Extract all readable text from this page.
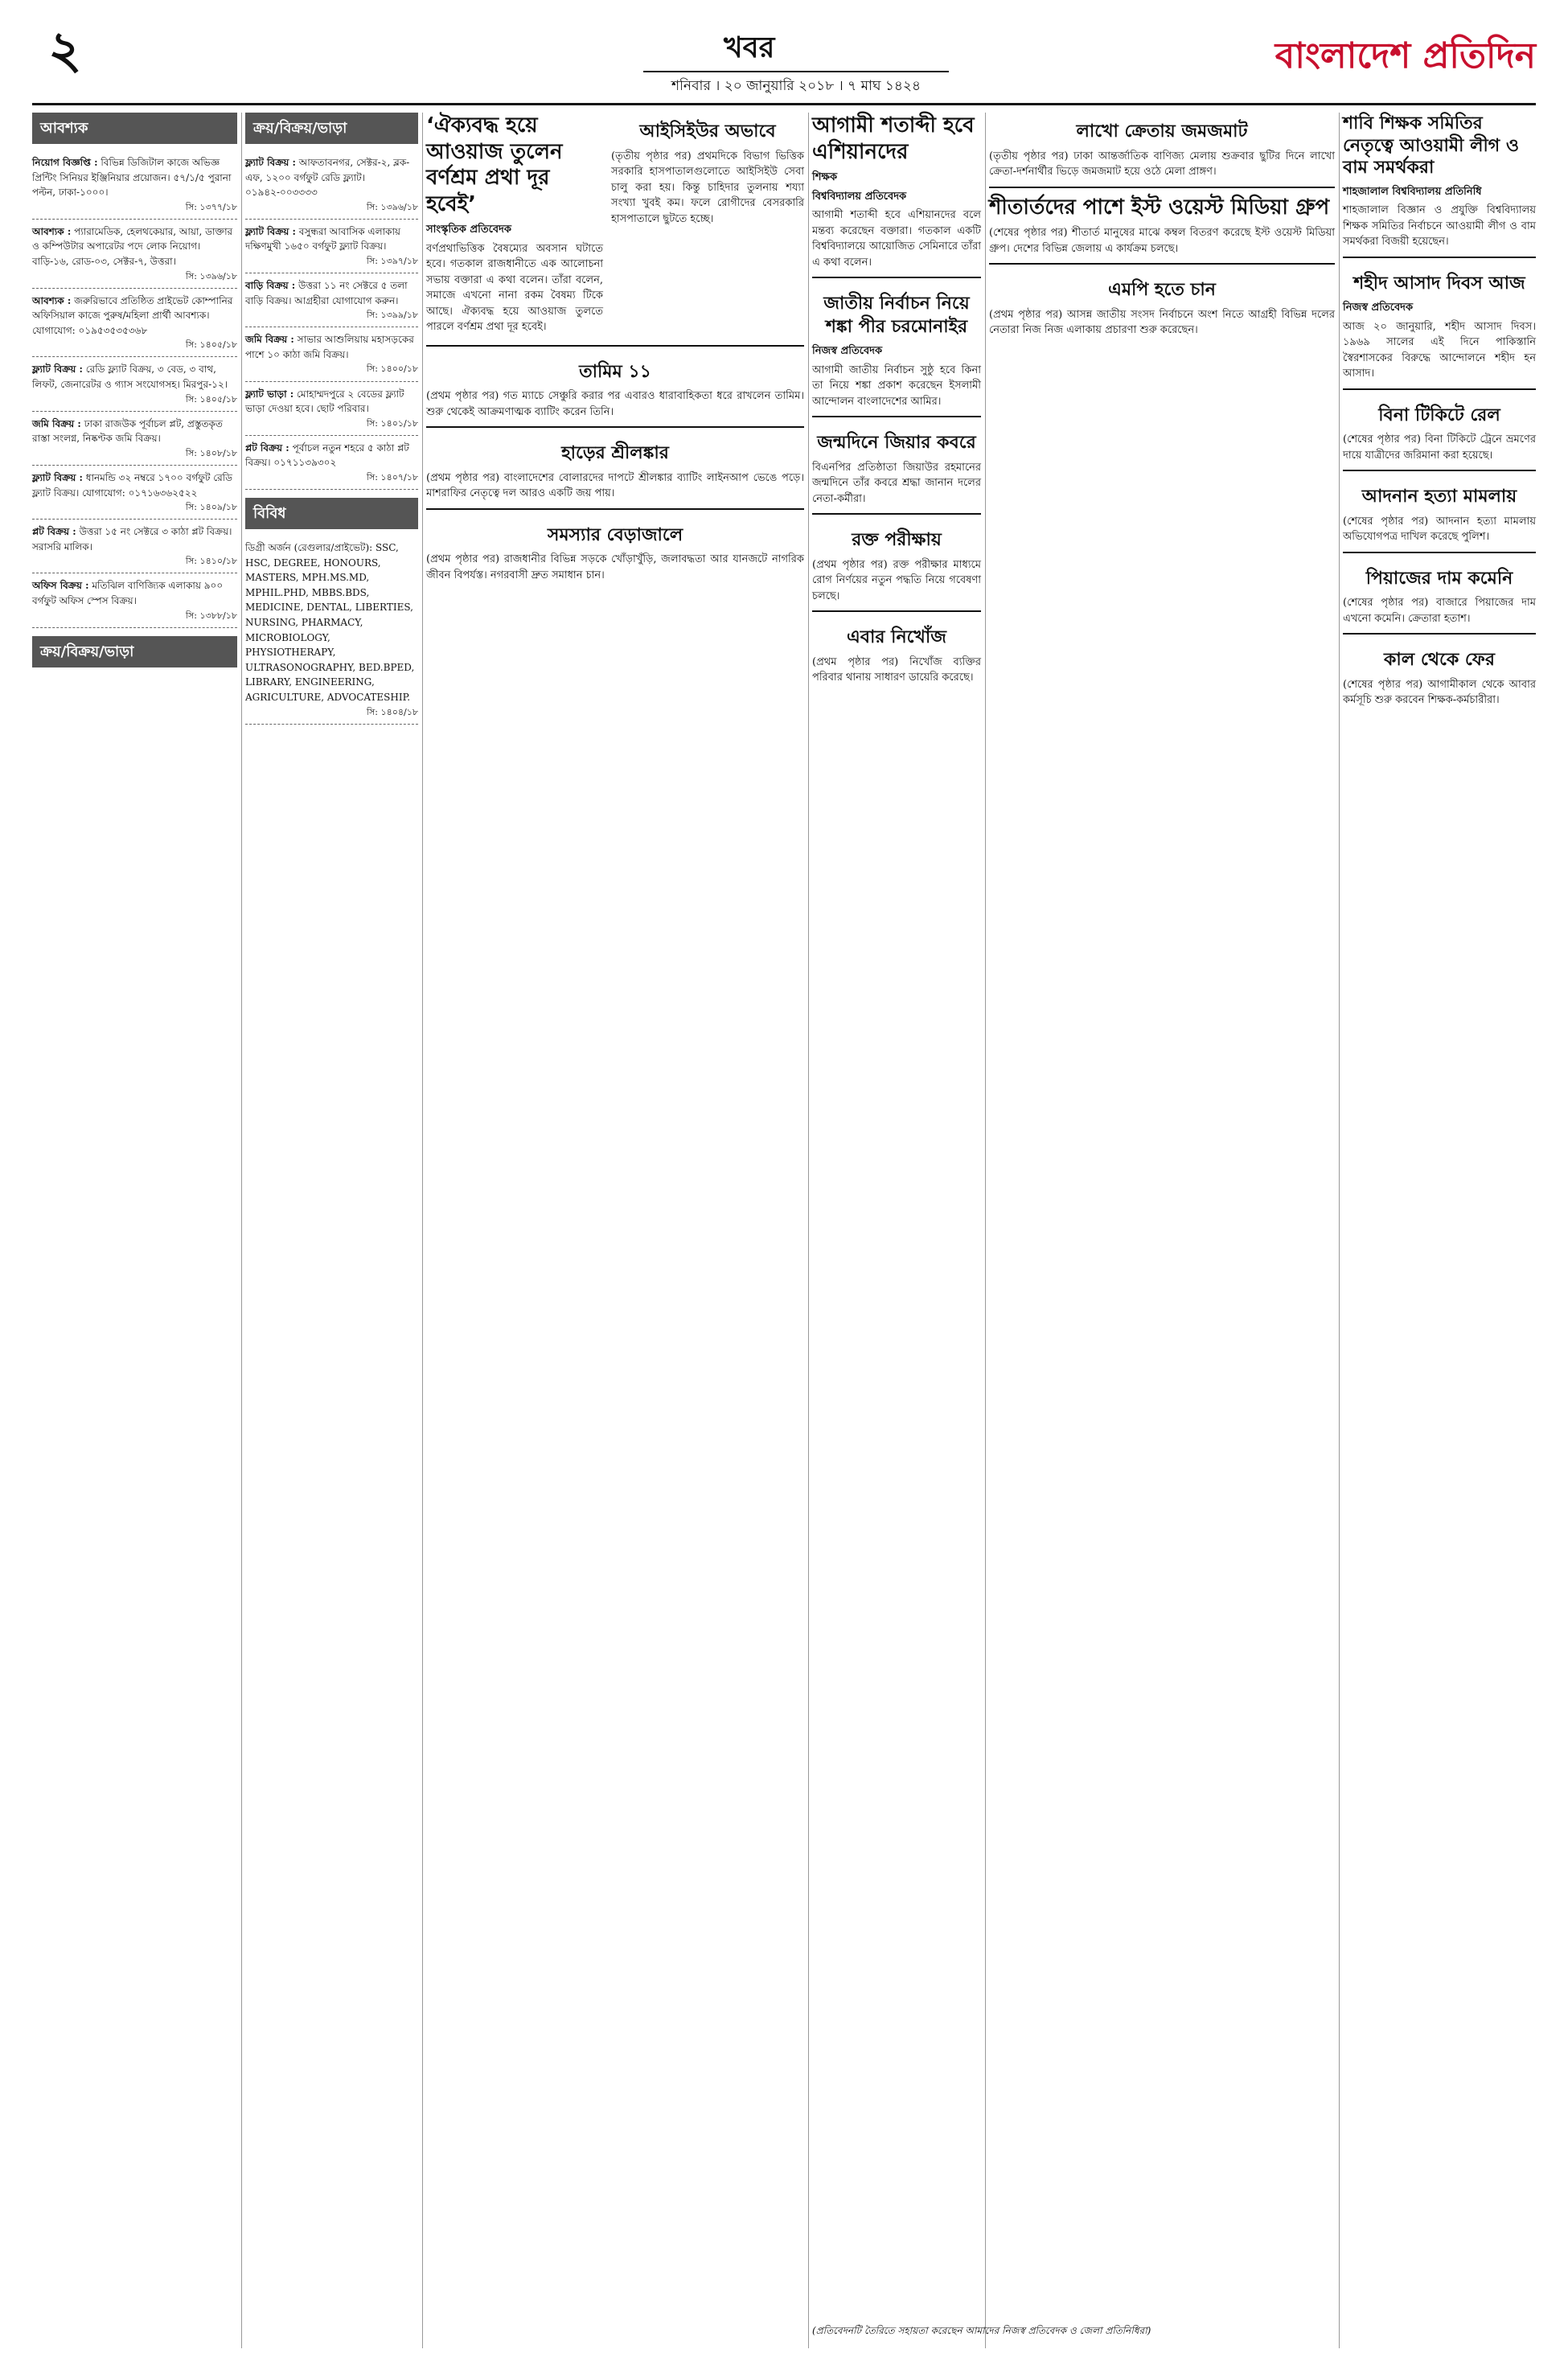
২	খবর
শনিবার । ২০ জানুয়ারি ২০১৮ । ৭ মাঘ ১৪২৪
বাংলাদেশ প্রতিদিন
আবশ্যক
নিয়োগ বিজ্ঞপ্তি : বিভিন্ন ডিজিটাল কাজে অভিজ্ঞ প্রিন্টিং সিনিয়র ইঞ্জিনিয়ার প্রয়োজন। ৫৭/১/৫ পুরানা পল্টন, ঢাকা-১০০০।
সি: ১৩৭৭/১৮
আবশ্যক : প্যারামেডিক, হেলথকেয়ার, আয়া, ডাক্তার ও কম্পিউটার অপারেটর পদে লোক নিয়োগ। বাড়ি-১৬, রোড-০৩, সেক্টর-৭, উত্তরা।
সি: ১৩৯৬/১৮
আবশ্যক : জরুরিভাবে প্রতিষ্ঠিত প্রাইভেট কোম্পানির অফিসিয়াল কাজে পুরুষ/মহিলা প্রার্থী আবশ্যক। যোগাযোগ: ০১৯৫৩৫৩৫৩৬৮
সি: ১৪০৫/১৮
ফ্ল্যাট বিক্রয় : রেডি ফ্ল্যাট বিক্রয়, ৩ বেড, ৩ বাথ, লিফট, জেনারেটর ও গ্যাস সংযোগসহ। মিরপুর-১২।
সি: ১৪০৫/১৮
জমি বিক্রয় : ঢাকা রাজউক পূর্বাচল প্লট, প্রস্তুতকৃত রাস্তা সংলগ্ন, নিষ্কণ্টক জমি বিক্রয়।
সি: ১৪০৮/১৮
ফ্ল্যাট বিক্রয় : ধানমন্ডি ৩২ নম্বরে ১৭০০ বর্গফুট রেডি ফ্ল্যাট বিক্রয়। যোগাযোগ: ০১৭১৬৩৬২৫২২
সি: ১৪০৯/১৮
প্লট বিক্রয় : উত্তরা ১৫ নং সেক্টরে ৩ কাঠা প্লট বিক্রয়। সরাসরি মালিক।
সি: ১৪১০/১৮
অফিস বিক্রয় : মতিঝিল বাণিজ্যিক এলাকায় ৯০০ বর্গফুট অফিস স্পেস বিক্রয়।
সি: ১৩৮৮/১৮
ক্রয়/বিক্রয়/ভাড়া
ক্রয়/বিক্রয়/ভাড়া
ফ্ল্যাট বিক্রয় : আফতাবনগর, সেক্টর-২, ব্লক-এফ, ১২০০ বর্গফুট রেডি ফ্ল্যাট। ০১৯৪২-০০৩৩৩৩
সি: ১৩৯৬/১৮
ফ্ল্যাট বিক্রয় : বসুন্ধরা আবাসিক এলাকায় দক্ষিণমুখী ১৬৫০ বর্গফুট ফ্ল্যাট বিক্রয়।
সি: ১৩৯৭/১৮
বাড়ি বিক্রয় : উত্তরা ১১ নং সেক্টরে ৫ তলা বাড়ি বিক্রয়। আগ্রহীরা যোগাযোগ করুন।
সি: ১৩৯৯/১৮
জমি বিক্রয় : সাভার আশুলিয়ায় মহাসড়কের পাশে ১০ কাঠা জমি বিক্রয়।
সি: ১৪০০/১৮
ফ্ল্যাট ভাড়া : মোহাম্মদপুরে ২ বেডের ফ্ল্যাট ভাড়া দেওয়া হবে। ছোট পরিবার।
সি: ১৪০১/১৮
প্লট বিক্রয় : পূর্বাচল নতুন শহরে ৫ কাঠা প্লট বিক্রয়। ০১৭১১৩৯৩০২
সি: ১৪০৭/১৮
বিবিধ
ডিগ্রী অর্জন (রেগুলার/প্রাইভেট): SSC, HSC, DEGREE, HONOURS, MASTERS, MPH.MS.MD, MPHIL.PHD, MBBS.BDS, MEDICINE, DENTAL, LIBERTIES, NURSING, PHARMACY, MICROBIOLOGY, PHYSIOTHERAPY, ULTRASONOGRAPHY, BED.BPED, LIBRARY, ENGINEERING, AGRICULTURE, ADVOCATESHIP.
সি: ১৪০৪/১৮
‘ঐক্যবদ্ধ হয়ে আওয়াজ তুলেন বর্ণশ্রম প্রথা দূর হবেই’
সাংস্কৃতিক প্রতিবেদক

বর্ণপ্রথাভিত্তিক বৈষম্যের অবসান ঘটাতে হবে। গতকাল রাজধানীতে এক আলোচনা সভায় বক্তারা এ কথা বলেন। তাঁরা বলেন, সমাজে এখনো নানা রকম বৈষম্য টিকে আছে। ঐক্যবদ্ধ হয়ে আওয়াজ তুলতে পারলে বর্ণশ্রম প্রথা দূর হবেই।

আইসিইউর অভাবে

(তৃতীয় পৃষ্ঠার পর) প্রথমদিকে বিভাগ ভিত্তিক সরকারি হাসপাতালগুলোতে আইসিইউ সেবা চালু করা হয়। কিন্তু চাহিদার তুলনায় শয্যা সংখ্যা খুবই কম। ফলে রোগীদের বেসরকারি হাসপাতালে ছুটতে হচ্ছে।

তামিম ১১

(প্রথম পৃষ্ঠার পর) গত ম্যাচে সেঞ্চুরি করার পর এবারও ধারাবাহিকতা ধরে রাখলেন তামিম। শুরু থেকেই আক্রমণাত্মক ব্যাটিং করেন তিনি।

হাড়ের শ্রীলঙ্কার

(প্রথম পৃষ্ঠার পর) বাংলাদেশের বোলারদের দাপটে শ্রীলঙ্কার ব্যাটিং লাইনআপ ভেঙে পড়ে। মাশরাফির নেতৃত্বে দল আরও একটি জয় পায়।

সমস্যার বেড়াজালে

(প্রথম পৃষ্ঠার পর) রাজধানীর বিভিন্ন সড়কে খোঁড়াখুঁড়ি, জলাবদ্ধতা আর যানজটে নাগরিক জীবন বিপর্যস্ত। নগরবাসী দ্রুত সমাধান চান।

আগামী শতাব্দী হবে এশিয়ানদের
শিক্ষক
বিশ্ববিদ্যালয় প্রতিবেদক

আগামী শতাব্দী হবে এশিয়ানদের বলে মন্তব্য করেছেন বক্তারা। গতকাল একটি বিশ্ববিদ্যালয়ে আয়োজিত সেমিনারে তাঁরা এ কথা বলেন।

জাতীয় নির্বাচন নিয়ে শঙ্কা পীর চরমোনাইর
নিজস্ব প্রতিবেদক

আগামী জাতীয় নির্বাচন সুষ্ঠু হবে কিনা তা নিয়ে শঙ্কা প্রকাশ করেছেন ইসলামী আন্দোলন বাংলাদেশের আমির।

জন্মদিনে জিয়ার কবরে

বিএনপির প্রতিষ্ঠাতা জিয়াউর রহমানের জন্মদিনে তাঁর কবরে শ্রদ্ধা জানান দলের নেতা-কর্মীরা।

রক্ত পরীক্ষায়

(প্রথম পৃষ্ঠার পর) রক্ত পরীক্ষার মাধ্যমে রোগ নির্ণয়ের নতুন পদ্ধতি নিয়ে গবেষণা চলছে।

এবার নিখোঁজ

(প্রথম পৃষ্ঠার পর) নিখোঁজ ব্যক্তির পরিবার থানায় সাধারণ ডায়েরি করেছে।

লাখো ক্রেতায় জমজমাট

(তৃতীয় পৃষ্ঠার পর) ঢাকা আন্তর্জাতিক বাণিজ্য মেলায় শুক্রবার ছুটির দিনে লাখো ক্রেতা-দর্শনার্থীর ভিড়ে জমজমাট হয়ে ওঠে মেলা প্রাঙ্গণ।

শীতার্তদের পাশে ইস্ট ওয়েস্ট মিডিয়া গ্রুপ

(শেষের পৃষ্ঠার পর) শীতার্ত মানুষের মাঝে কম্বল বিতরণ করেছে ইস্ট ওয়েস্ট মিডিয়া গ্রুপ। দেশের বিভিন্ন জেলায় এ কার্যক্রম চলছে।

এমপি হতে চান

(প্রথম পৃষ্ঠার পর) আসন্ন জাতীয় সংসদ নির্বাচনে অংশ নিতে আগ্রহী বিভিন্ন দলের নেতারা নিজ নিজ এলাকায় প্রচারণা শুরু করেছেন।

শাবি শিক্ষক সমিতির নেতৃত্বে আওয়ামী লীগ ও বাম সমর্থকরা
শাহজালাল বিশ্ববিদ্যালয় প্রতিনিধি

শাহজালাল বিজ্ঞান ও প্রযুক্তি বিশ্ববিদ্যালয় শিক্ষক সমিতির নির্বাচনে আওয়ামী লীগ ও বাম সমর্থকরা বিজয়ী হয়েছেন।

শহীদ আসাদ দিবস আজ
নিজস্ব প্রতিবেদক

আজ ২০ জানুয়ারি, শহীদ আসাদ দিবস। ১৯৬৯ সালের এই দিনে পাকিস্তানি স্বৈরশাসকের বিরুদ্ধে আন্দোলনে শহীদ হন আসাদ।

বিনা টিকিটে রেল

(শেষের পৃষ্ঠার পর) বিনা টিকিটে ট্রেনে ভ্রমণের দায়ে যাত্রীদের জরিমানা করা হয়েছে।

আদনান হত্যা মামলায়

(শেষের পৃষ্ঠার পর) আদনান হত্যা মামলায় অভিযোগপত্র দাখিল করেছে পুলিশ।

পিয়াজের দাম কমেনি

(শেষের পৃষ্ঠার পর) বাজারে পিয়াজের দাম এখনো কমেনি। ক্রেতারা হতাশ।

কাল থেকে ফের

(শেষের পৃষ্ঠার পর) আগামীকাল থেকে আবার কর্মসূচি শুরু করবেন শিক্ষক-কর্মচারীরা।

(প্রতিবেদনটি তৈরিতে সহায়তা করেছেন আমাদের নিজস্ব প্রতিবেদক ও জেলা প্রতিনিধিরা)
